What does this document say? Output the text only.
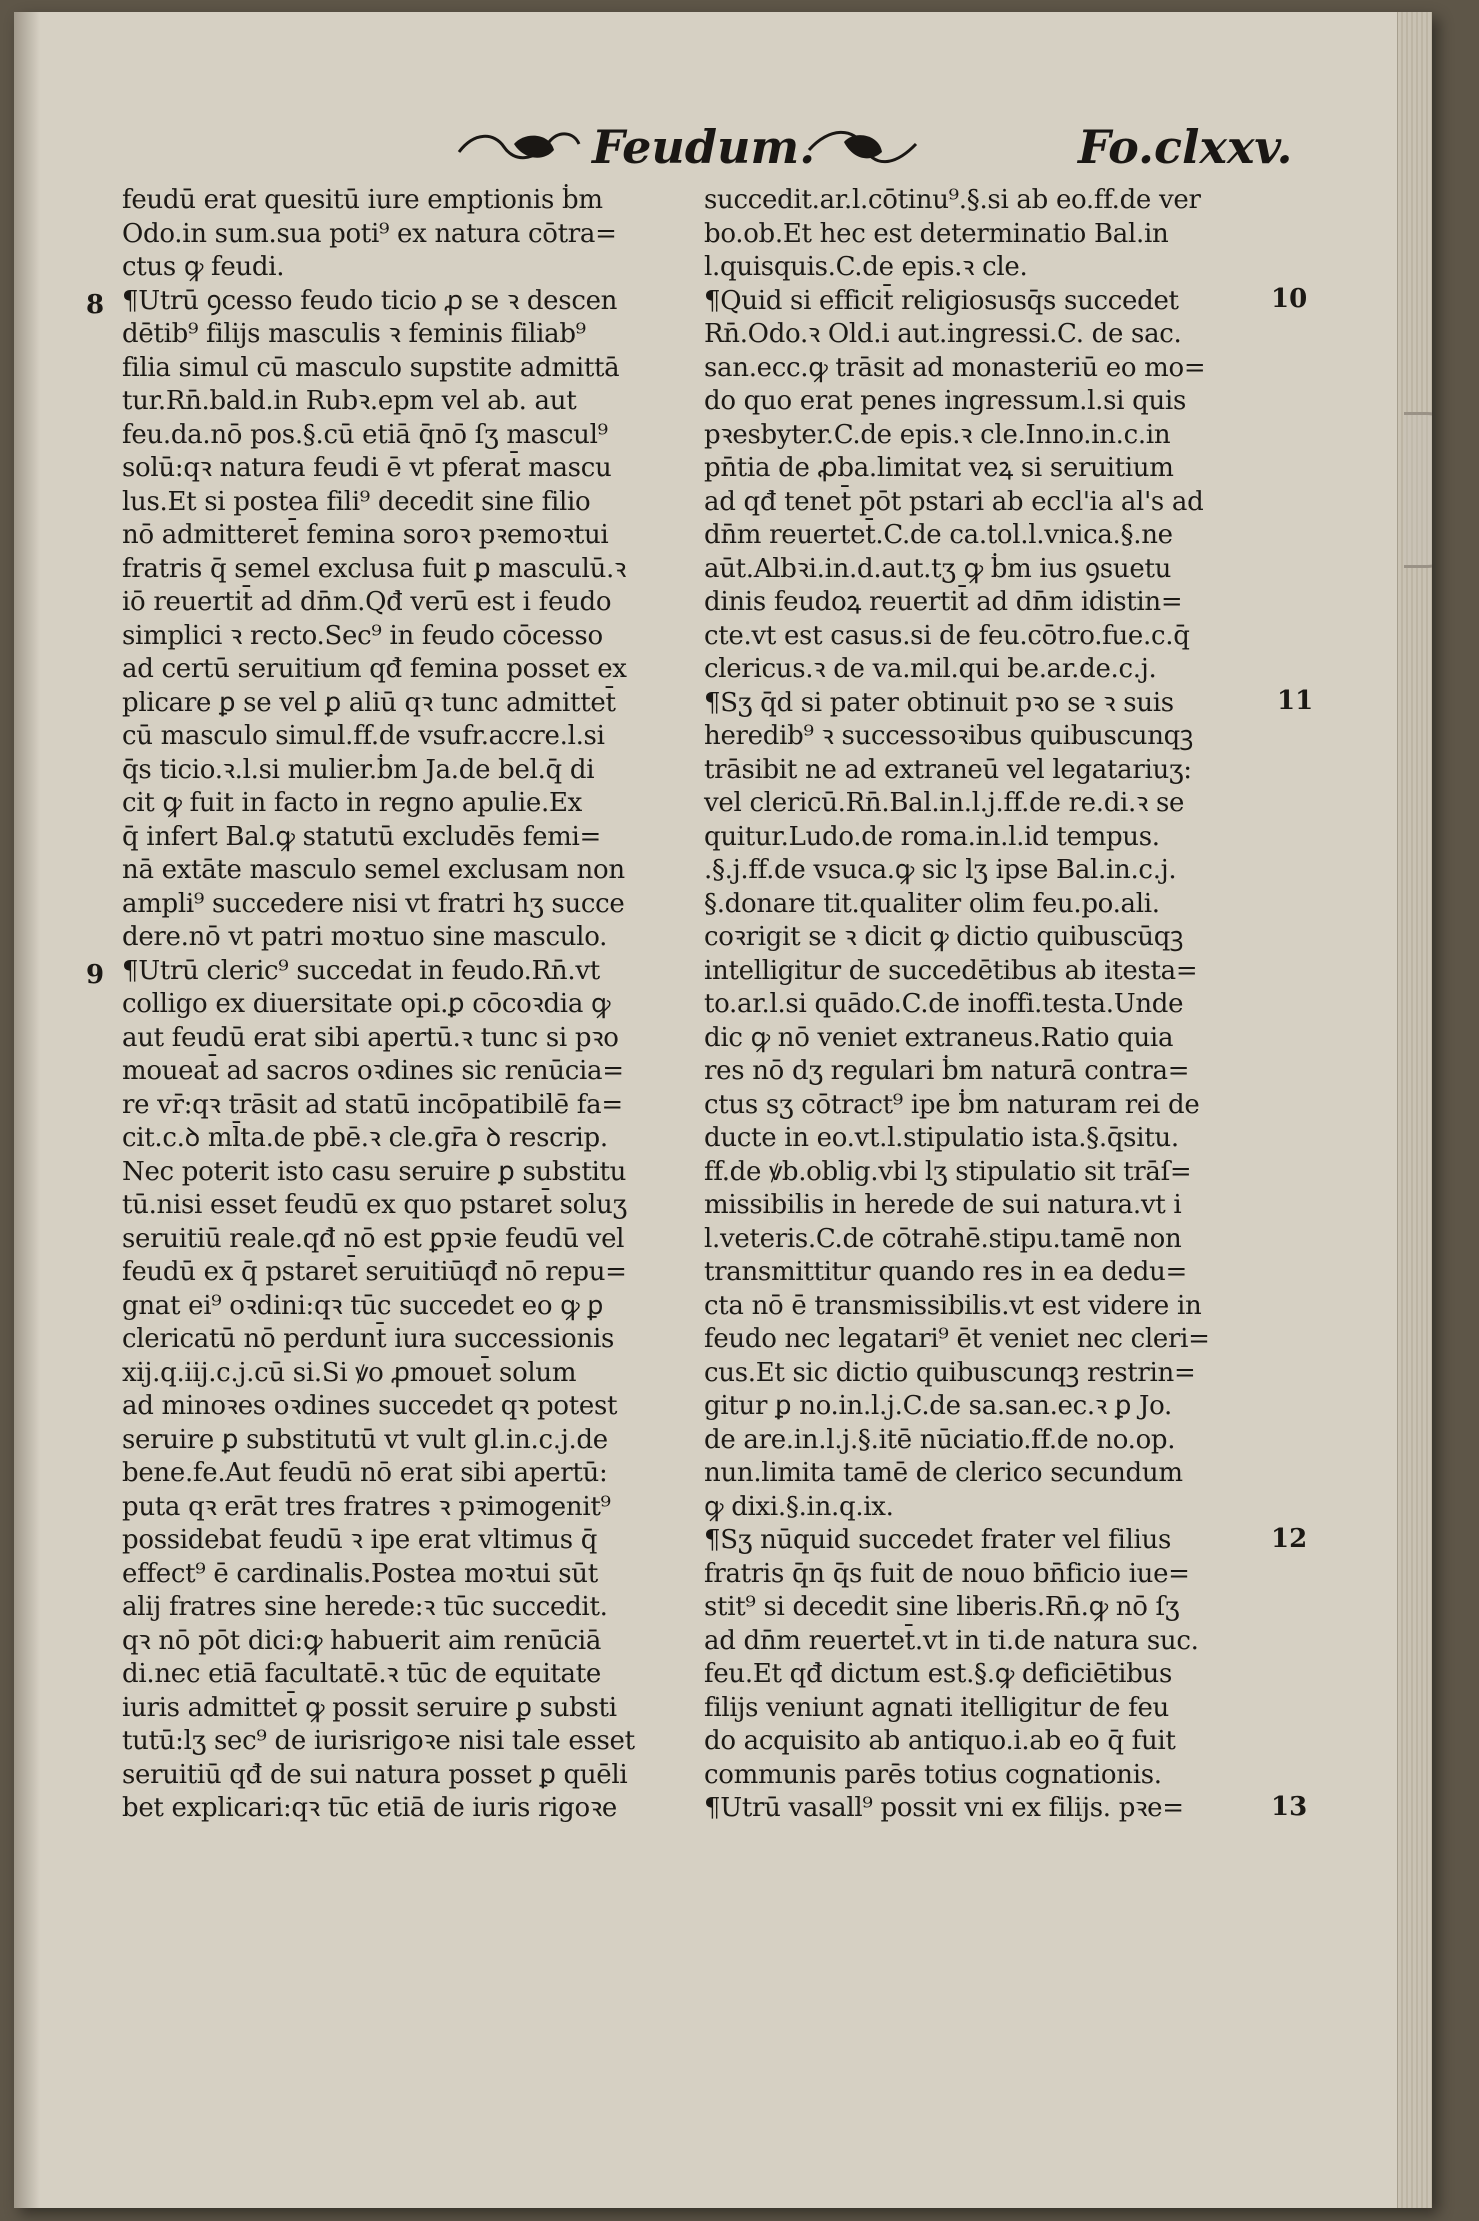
Feudum.	Fo.clxxv.
8
9
10
11
12
13
feudū erat quesitū iure emptionis ḃm
Odo.in sum.sua poti⁹ ex natura cōtra=
ctus ꝙ feudi.
¶Utrū ꝯcesso feudo ticio ꝓ se ꝛ descen
dētib⁹ filijs masculis ꝛ feminis filiab⁹
filia simul cū masculo supstite admittā
tur.Rn̄.bald.in Rubꝛ.epm vel ab. aut
feu.da.nō pos.§.cū etiā q̄nō ſʒ mascul⁹
solū:qꝛ natura feudi ē vt pferat̄ mascu
lus.Et si postea fili⁹ decedit sine filio
nō admitteret̄ femina soroꝛ pꝛemoꝛtui
fratris q̄ semel exclusa fuit ꝑ masculū.ꝛ
iō reuertit̄ ad dn̄m.Qđ verū est i feudo
simplici ꝛ recto.Sec⁹ in feudo cōcesso
ad certū seruitium qđ femina posset ex
plicare ꝑ se vel ꝑ aliū qꝛ tunc admittet̄
cū masculo simul.ff.de vsufr.accre.l.si
q̄s ticio.ꝛ.l.si mulier.ḃm Ja.de bel.q̄ di
cit ꝙ fuit in facto in regno apulie.Ex
q̄ infert Bal.ꝙ statutū excludēs femi=
nā extāte masculo semel exclusam non
ampli⁹ succedere nisi vt fratri hʒ succe
dere.nō vt patri moꝛtuo sine masculo.
¶Utrū cleric⁹ succedat in feudo.Rn̄.vt
colligo ex diuersitate opi.ꝑ cōcoꝛdia ꝙ
aut feudū erat sibi apertū.ꝛ tunc si pꝛo
moueat̄ ad sacros oꝛdines sic renūcia=
re vr̄:qꝛ trāsit ad statū incōpatibilē fa=
cit.c.ꝺ ml̄ta.de pbē.ꝛ cle.gr̄a ꝺ rescrip.
Nec poterit isto casu seruire ꝑ substitu
tū.nisi esset feudū ex quo pstaret̄ soluʒ
seruitiū reale.qđ nō est ꝑpꝛie feudū vel
feudū ex q̄ pstaret̄ seruitiūqđ nō repu=
gnat ei⁹ oꝛdini:qꝛ tūc succedet eo ꝙ ꝑ
clericatū nō perdunt̄ iura successionis
xij.q.iij.c.j.cū si.Si ꝟo ꝓmouet̄ solum
ad minoꝛes oꝛdines succedet qꝛ potest
seruire ꝑ substitutū vt vult gl.in.c.j.de
bene.fe.Aut feudū nō erat sibi apertū:
puta qꝛ erāt tres fratres ꝛ pꝛimogenit⁹
possidebat feudū ꝛ ipe erat vltimus q̄
effect⁹ ē cardinalis.Postea moꝛtui sūt
alij fratres sine herede:ꝛ tūc succedit.
qꝛ nō pōt dici:ꝙ habuerit aim renūciā
di.nec etiā facultatē.ꝛ tūc de equitate
iuris admittet̄ ꝙ possit seruire ꝑ substi
tutū:lʒ sec⁹ de iurisrigoꝛe nisi tale esset
seruitiū qđ de sui natura posset ꝑ quēli
bet explicari:qꝛ tūc etiā de iuris rigoꝛe
succedit.ar.l.cōtinu⁹.§.si ab eo.ff.de ver
bo.ob.Et hec est determinatio Bal.in
l.quisquis.C.de epis.ꝛ cle.
¶Quid si efficit̄ religiosusq̄s succedet
Rn̄.Odo.ꝛ Old.i aut.ingressi.C. de sac.
san.ecc.ꝙ trāsit ad monasteriū eo mo=
do quo erat penes ingressum.l.si quis
pꝛesbyter.C.de epis.ꝛ cle.Inno.in.c.in
pn̄tia de ꝓba.limitat veꝝ si seruitium
ad qđ tenet̄ pōt pstari ab eccl'ia al's ad
dn̄m reuertet̄.C.de ca.tol.l.vnica.§.ne
aūt.Albꝛi.in.d.aut.tʒ ꝙ ḃm ius ꝯsuetu
dinis feudoꝝ reuertit̄ ad dn̄m idistin=
cte.vt est casus.si de feu.cōtro.fue.c.q̄
clericus.ꝛ de va.mil.qui be.ar.de.c.j.
¶Sʒ q̄d si pater obtinuit pꝛo se ꝛ suis
heredib⁹ ꝛ successoꝛibus quibuscunqꝫ
trāsibit ne ad extraneū vel legatariuʒ:
vel clericū.Rn̄.Bal.in.l.j.ff.de re.di.ꝛ se
quitur.Ludo.de roma.in.l.id tempus.
.§.j.ff.de vsuca.ꝙ sic lʒ ipse Bal.in.c.j.
§.donare tit.qualiter olim feu.po.ali.
coꝛrigit se ꝛ dicit ꝙ dictio quibuscūqꝫ
intelligitur de succedētibus ab itesta=
to.ar.l.si quādo.C.de inoffi.testa.Unde
dic ꝙ nō veniet extraneus.Ratio quia
res nō dʒ regulari ḃm naturā contra=
ctus sʒ cōtract⁹ ipe ḃm naturam rei de
ducte in eo.vt.l.stipulatio ista.§.q̄situ.
ff.de ꝟb.oblig.vbi lʒ stipulatio sit trāſ=
missibilis in herede de sui natura.vt i
l.veteris.C.de cōtrahē.stipu.tamē non
transmittitur quando res in ea dedu=
cta nō ē transmissibilis.vt est videre in
feudo nec legatari⁹ ēt veniet nec cleri=
cus.Et sic dictio quibuscunqꝫ restrin=
gitur ꝑ no.in.l.j.C.de sa.san.ec.ꝛ ꝑ Jo.
de are.in.l.j.§.itē nūciatio.ff.de no.op.
nun.limita tamē de clerico secundum
ꝙ dixi.§.in.q.ix.
¶Sʒ nūquid succedet frater vel filius
fratris q̄n q̄s fuit de nouo bn̄ficio iue=
stit⁹ si decedit sine liberis.Rn̄.ꝙ nō ſʒ
ad dn̄m reuertet̄.vt in ti.de natura suc.
feu.Et qđ dictum est.§.ꝙ deficiētibus
filijs veniunt agnati itelligitur de feu
do acquisito ab antiquo.i.ab eo q̄ fuit
communis parēs totius cognationis.
¶Utrū vasall⁹ possit vni ex filijs. pꝛe=
